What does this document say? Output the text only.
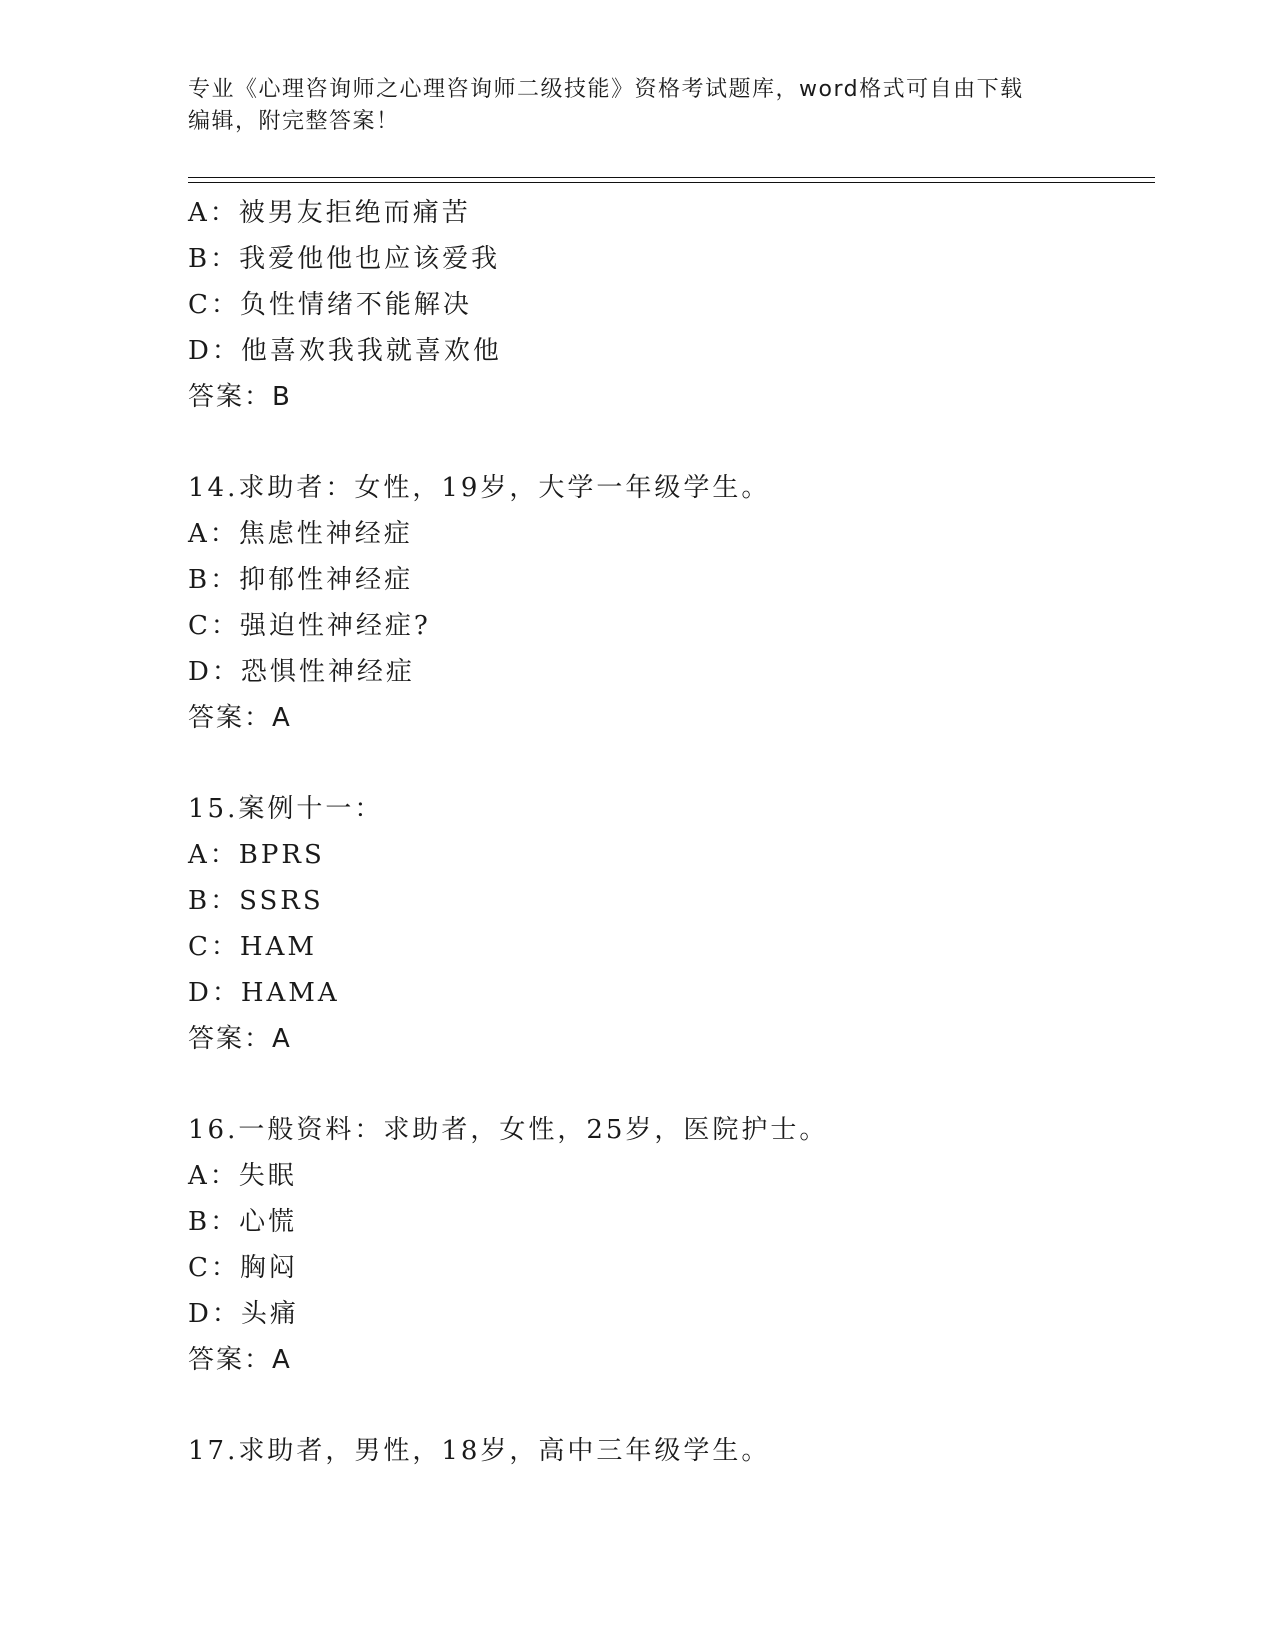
专业《心理咨询师之心理咨询师二级技能》资格考试题库，word格式可自由下载
编辑，附完整答案！
A：被男友拒绝而痛苦
B：我爱他他也应该爱我
C：负性情绪不能解决
D：他喜欢我我就喜欢他
答案：B
14.求助者：女性，19岁，大学一年级学生。
A：焦虑性神经症
B：抑郁性神经症
C：强迫性神经症?
D：恐惧性神经症
答案：A
15.案例十一：
A：BPRS
B：SSRS
C：HAM
D：HAMA
答案：A
16.一般资料：求助者，女性，25岁，医院护士。
A：失眠
B：心慌
C：胸闷
D：头痛
答案：A
17.求助者，男性，18岁，高中三年级学生。
